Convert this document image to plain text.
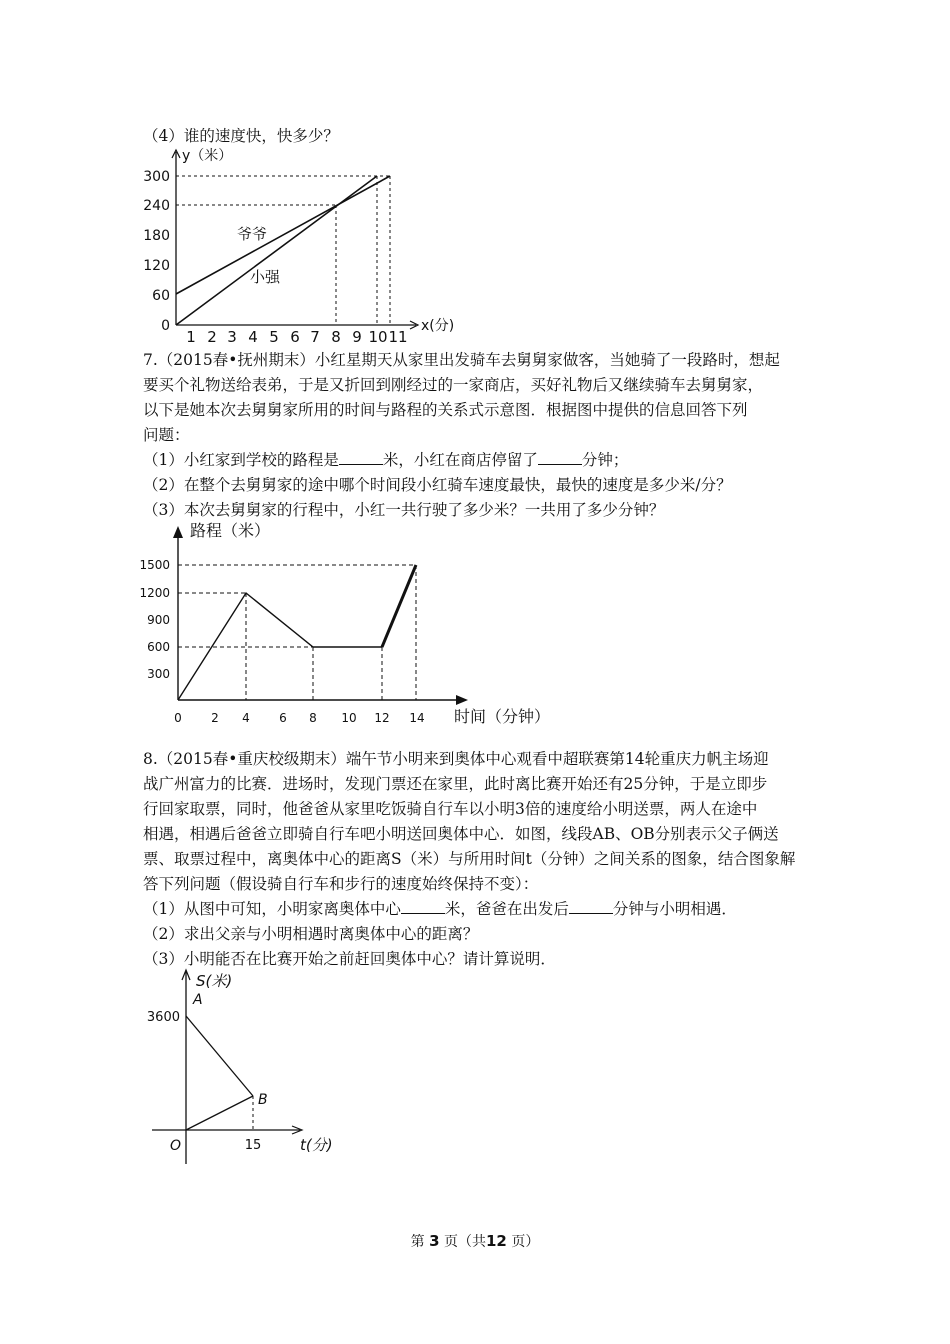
（4）谁的速度快，快多少？
y（米）
x(分)
300
240
180
120
60
0
1 2 3 4 5 6 7 8 9 10 11
爷爷
小强
7.（2015春•抚州期末）小红星期天从家里出发骑车去舅舅家做客，当她骑了一段路时，想起
要买个礼物送给表弟，于是又折回到刚经过的一家商店，买好礼物后又继续骑车去舅舅家，
以下是她本次去舅舅家所用的时间与路程的关系式示意图．根据图中提供的信息回答下列
问题：
（1）小红家到学校的路程是	米，小红在商店停留了	分钟；
（2）在整个去舅舅家的途中哪个时间段小红骑车速度最快，最快的速度是多少米/分？
（3）本次去舅舅家的行程中，小红一共行驶了多少米？一共用了多少分钟？
路程（米）
时间（分钟）
1500
1200
900
600
300
0 2 4 6 8 10 12 14
8.（2015春•重庆校级期末）端午节小明来到奥体中心观看中超联赛第14轮重庆力帆主场迎
战广州富力的比赛．进场时，发现门票还在家里，此时离比赛开始还有25分钟，于是立即步
行回家取票，同时，他爸爸从家里吃饭骑自行车以小明3倍的速度给小明送票，两人在途中
相遇，相遇后爸爸立即骑自行车吧小明送回奥体中心．如图，线段AB、OB分别表示父子俩送
票、取票过程中，离奥体中心的距离S（米）与所用时间t（分钟）之间关系的图象，结合图象解
答下列问题（假设骑自行车和步行的速度始终保持不变）：
（1）从图中可知，小明家离奥体中心	米，爸爸在出发后	分钟与小明相遇．
（2）求出父亲与小明相遇时离奥体中心的距离？
（3）小明能否在比赛开始之前赶回奥体中心？请计算说明．
S(米)
t(分)
3600
15
O
A
B
第 3 页（共12 页）
